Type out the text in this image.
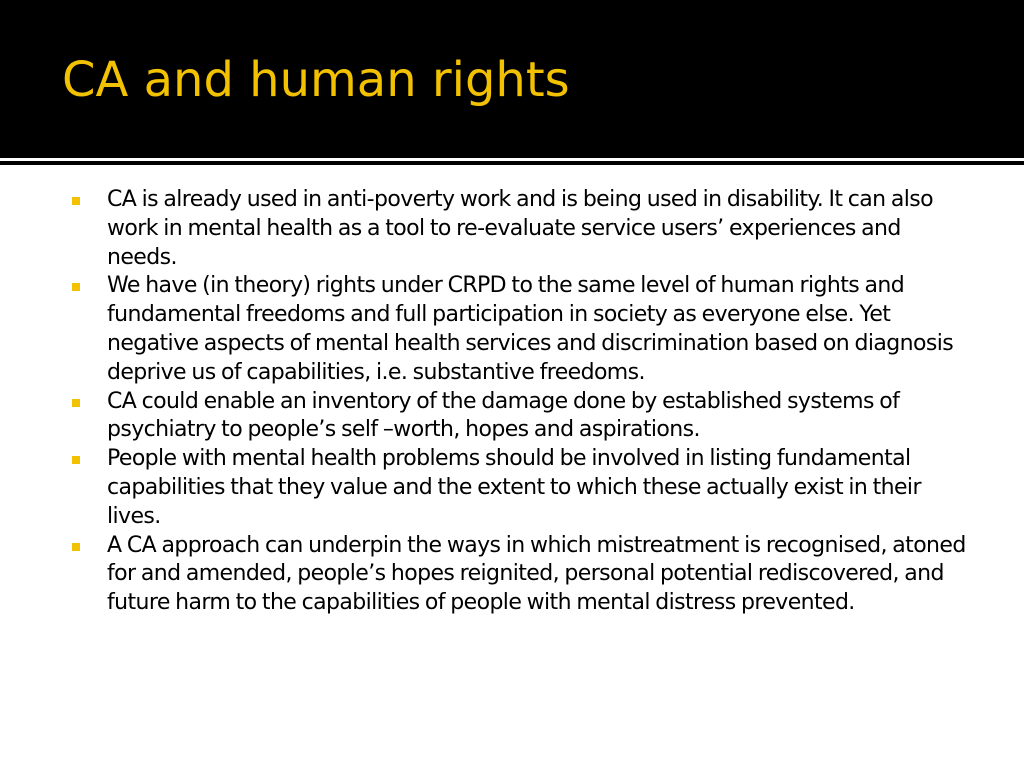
CA and human rights
CA is already used in anti-poverty work and is being used in disability. It can also work in mental health as a tool to re-evaluate service users’ experiences and needs.
We have (in theory) rights under CRPD to the same level of human rights and fundamental freedoms and full participation in society as everyone else. Yet negative aspects of mental health services and discrimination based on diagnosis deprive us of capabilities, i.e. substantive freedoms.
CA could enable an inventory of the damage done by established systems of psychiatry to people’s self –worth, hopes and aspirations.
People with mental health problems should be involved in listing fundamental capabilities that they value and the extent to which these actually exist in their lives.
A CA approach can underpin the ways in which mistreatment is recognised, atoned for and amended, people’s hopes reignited, personal potential rediscovered, and future harm to the capabilities of people with mental distress prevented.
